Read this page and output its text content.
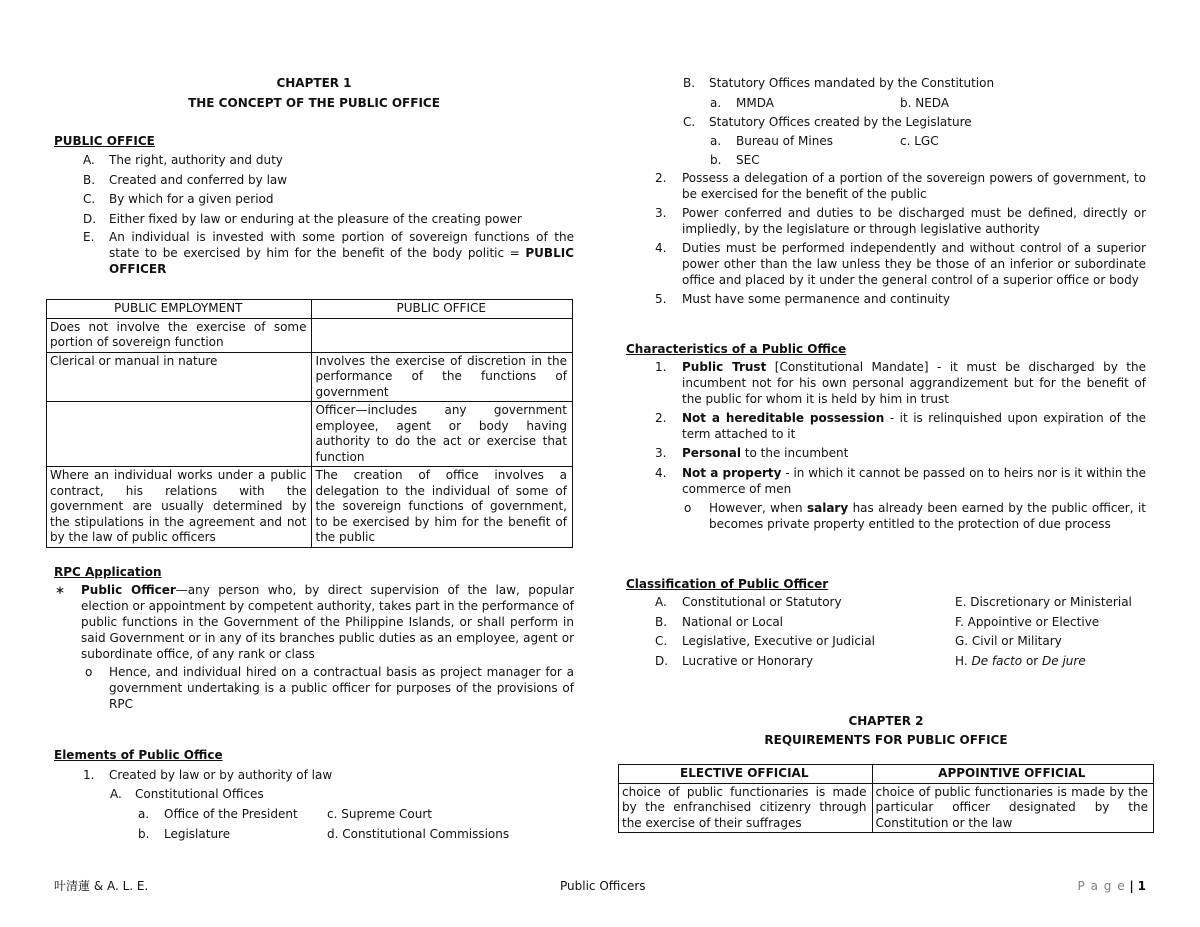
CHAPTER 1
THE CONCEPT OF THE PUBLIC OFFICE
PUBLIC OFFICE
A. The right, authority and duty
B. Created and conferred by law
C. By which for a given period
D. Either fixed by law or enduring at the pleasure of the creating power
E. An individual is invested with some portion of sovereign functions of the state to be exercised by him for the benefit of the body politic = PUBLIC OFFICER
PUBLIC EMPLOYMENT	PUBLIC OFFICE
Does not involve the exercise of some portion of sovereign function	
Clerical or manual in nature	Involves the exercise of discretion in the performance of the functions of government
	Officer—includes any government employee, agent or body having authority to do the act or exercise that function
Where an individual works under a public contract, his relations with the government are usually determined by the stipulations in the agreement and not by the law of public officers	The creation of office involves a delegation to the individual of some of the sovereign functions of government, to be exercised by him for the benefit of the public
RPC Application
∗ Public Officer—any person who, by direct supervision of the law, popular election or appointment by competent authority, takes part in the performance of public functions in the Government of the Philippine Islands, or shall perform in said Government or in any of its branches public duties as an employee, agent or subordinate office, of any rank or class
o Hence, and individual hired on a contractual basis as project manager for a government undertaking is a public officer for purposes of the provisions of RPC
Elements of Public Office
1. Created by law or by authority of law
A. Constitutional Offices
a. Office of the President c. Supreme Court
b. Legislature	d. Constitutional Commissions
B. Statutory Offices mandated by the Constitution
a. MMDA	b. NEDA
C. Statutory Offices created by the Legislature
a. Bureau of Mines	c. LGC
b. SEC
2. Possess a delegation of a portion of the sovereign powers of government, to be exercised for the benefit of the public
3. Power conferred and duties to be discharged must be defined, directly or impliedly, by the legislature or through legislative authority
4. Duties must be performed independently and without control of a superior power other than the law unless they be those of an inferior or subordinate office and placed by it under the general control of a superior office or body
5. Must have some permanence and continuity
Characteristics of a Public Office
1. Public Trust [Constitutional Mandate] - it must be discharged by the incumbent not for his own personal aggrandizement but for the benefit of the public for whom it is held by him in trust
2. Not a hereditable possession - it is relinquished upon expiration of the term attached to it
3. Personal to the incumbent
4. Not a property - in which it cannot be passed on to heirs nor is it within the commerce of men
o However, when salary has already been earned by the public officer, it becomes private property entitled to the protection of due process
Classification of Public Officer
A. Constitutional or Statutory
B. National or Local
C. Legislative, Executive or Judicial
D. Lucrative or Honorary
E. Discretionary or Ministerial
F. Appointive or Elective
G. Civil or Military
H. De facto or De jure
CHAPTER 2
REQUIREMENTS FOR PUBLIC OFFICE
ELECTIVE OFFICIAL	APPOINTIVE OFFICIAL
choice of public functionaries is made by the enfranchised citizenry through the exercise of their suffrages	choice of public functionaries is made by the particular officer designated by the Constitution or the law
叶清蓮 & A. L. E.	Public Officers	P a g e | 1
